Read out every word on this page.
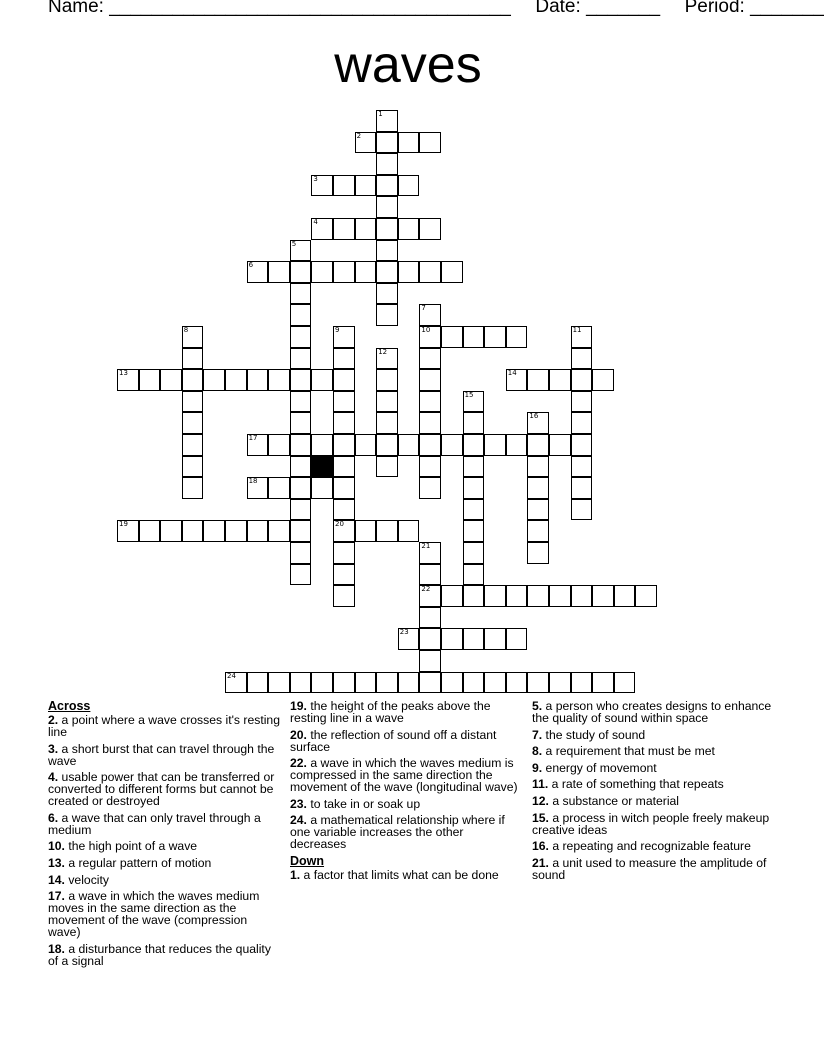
Name: ______________________________________ Date: _______ Period: _______
waves
1
2
3
4
5
6
7
10
8	9
20
11
12
13	14
15
16
17
18
19
21
22
23
24
Across
2. a point where a wave crosses it's resting line
3. a short burst that can travel through the wave
4. usable power that can be transferred or converted to different forms but cannot be created or destroyed
6. a wave that can only travel through a medium
10. the high point of a wave
13. a regular pattern of motion
14. velocity
17. a wave in which the waves medium moves in the same direction as the movement of the wave (compression wave)
18. a disturbance that reduces the quality of a signal
19. the height of the peaks above the resting line in a wave
20. the reflection of sound off a distant surface
22. a wave in which the waves medium is compressed in the same direction the movement of the wave (longitudinal wave)
23. to take in or soak up
24. a mathematical relationship where if one variable increases the other decreases
Down
1. a factor that limits what can be done
5. a person who creates designs to enhance the quality of sound within space
7. the study of sound
8. a requirement that must be met
9. energy of movemont
11. a rate of something that repeats
12. a substance or material
15. a process in witch people freely makeup creative ideas
16. a repeating and recognizable feature
21. a unit used to measure the amplitude of sound
